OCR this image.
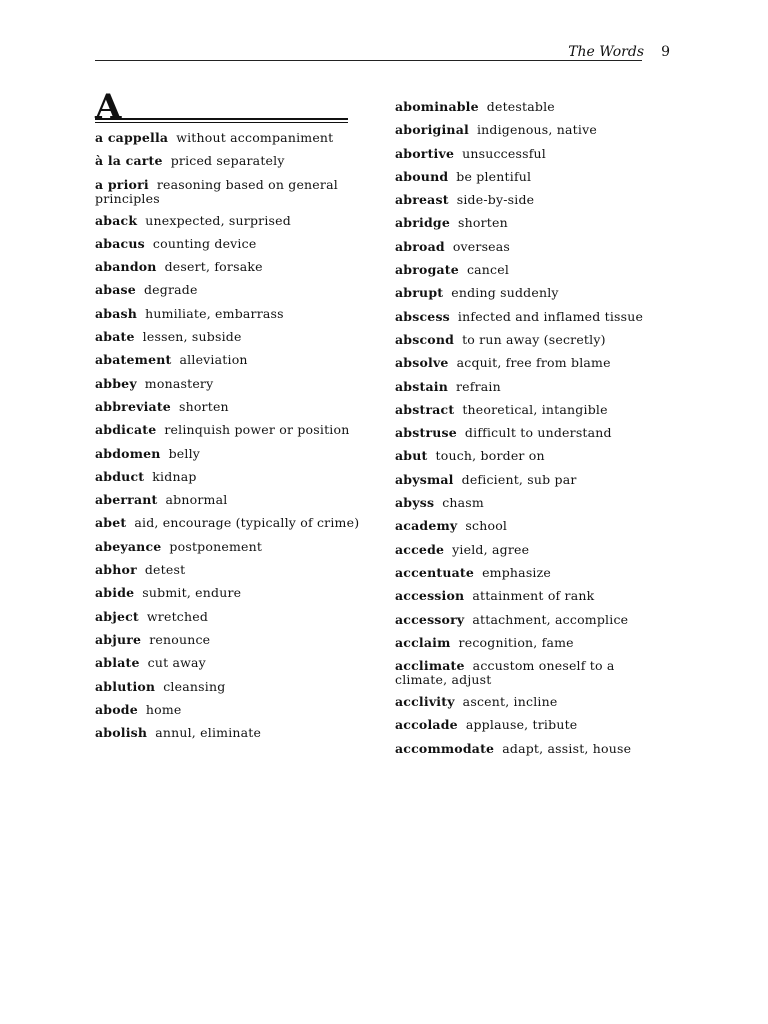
The Words 9
A
a cappella without accompaniment
à la carte priced separately
a priori reasoning based on general principles
aback unexpected, surprised
abacus counting device
abandon desert, forsake
abase degrade
abash humiliate, embarrass
abate lessen, subside
abatement alleviation
abbey monastery
abbreviate shorten
abdicate relinquish power or position
abdomen belly
abduct kidnap
aberrant abnormal
abet aid, encourage (typically of crime)
abeyance postponement
abhor detest
abide submit, endure
abject wretched
abjure renounce
ablate cut away
ablution cleansing
abode home
abolish annul, eliminate
abominable detestable
aboriginal indigenous, native
abortive unsuccessful
abound be plentiful
abreast side-by-side
abridge shorten
abroad overseas
abrogate cancel
abrupt ending suddenly
abscess infected and inflamed tissue
abscond to run away (secretly)
absolve acquit, free from blame
abstain refrain
abstract theoretical, intangible
abstruse difficult to understand
abut touch, border on
abysmal deficient, sub par
abyss chasm
academy school
accede yield, agree
accentuate emphasize
accession attainment of rank
accessory attachment, accomplice
acclaim recognition, fame
acclimate accustom oneself to a climate, adjust
acclivity ascent, incline
accolade applause, tribute
accommodate adapt, assist, house
